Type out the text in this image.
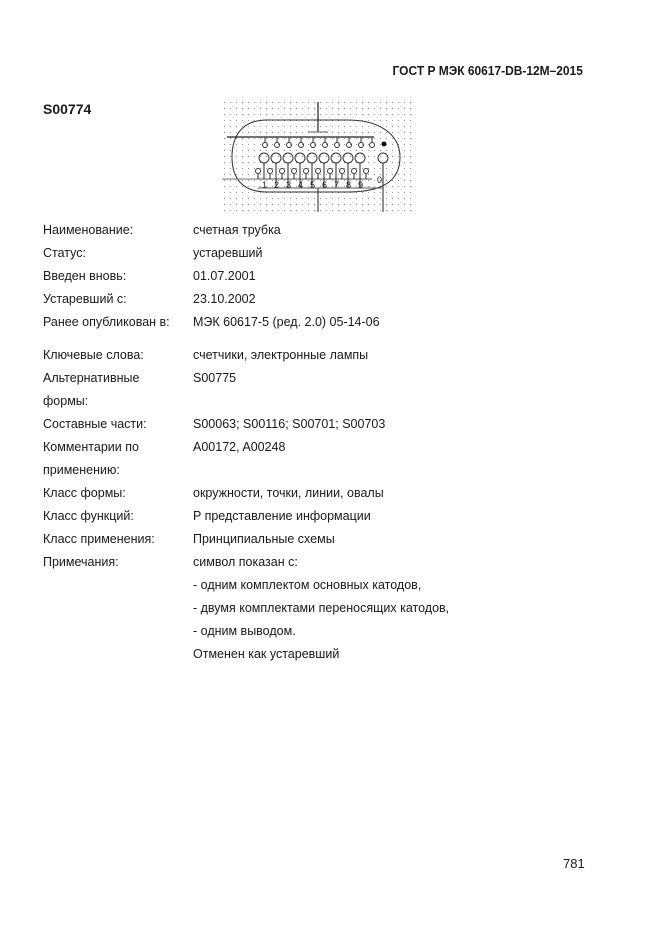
ГОСТ Р МЭК 60617-DB-12M–2015
S00774
1 2 3 4 5 6 7 8 9 0
Наименование:	счетная трубка
Статус:	устаревший
Введен вновь:	01.07.2001
Устаревший с:	23.10.2002
Ранее опубликован в:	МЭК 60617-5 (ред. 2.0) 05-14-06
Ключевые слова:	счетчики, электронные лампы
Альтернативные	S00775
формы:
Составные части:	S00063; S00116; S00701; S00703
Комментарии по	A00172, A00248
применению:
Класс формы:	окружности, точки, линии, овалы
Класс функций:	P представление информации
Класс применения:	Принципиальные схемы
Примечания:	символ показан с:
- одним комплектом основных катодов,
- двумя комплектами переносящих катодов,
- одним выводом.
Отменен как устаревший
781
